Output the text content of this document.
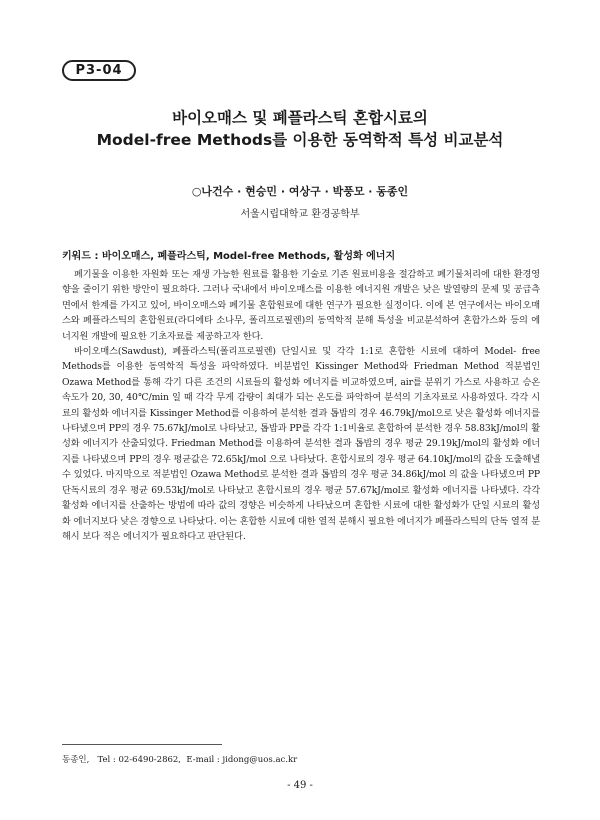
P3-04
바이오매스 및 폐플라스틱 혼합시료의
Model-free Methods를 이용한 동역학적 특성 비교분석
○나건수 · 현승민 · 여상구 · 박풍모 · 동종인
서울시립대학교 환경공학부
키워드 : 바이오매스, 폐플라스틱, Model-free Methods, 활성화 에너지

폐기물을 이용한 자원화 또는 재생 가능한 원료를 활용한 기술로 기존 원료비용을 절감하고 폐기물처리에 대한 환경영향을 줄이기 위한 방안이 필요하다. 그러나 국내에서 바이오매스를 이용한 에너지원 개발은 낮은 발열량의 문제 및 공급측면에서 한계를 가지고 있어, 바이오매스와 폐기물 혼합원료에 대한 연구가 필요한 실정이다. 이에 본 연구에서는 바이오매스와 폐플라스틱의 혼합원료(라디에타 소나무, 폴리프로필렌)의 동역학적 분해 특성을 비교분석하여 혼합가스화 등의 에너지원 개발에 필요한 기초자료를 제공하고자 한다.

바이오매스(Sawdust), 폐플라스틱(폴리프로필렌) 단일시료 및 각각 1:1로 혼합한 시료에 대하여 Model- free Methods를 이용한 동역학적 특성을 파악하였다. 비분법인 Kissinger Method와 Friedman Method 적분법인 Ozawa Method를 통해 각기 다른 조건의 시료들의 활성화 에너지를 비교하였으며, air를 분위기 가스로 사용하고 승온속도가 20, 30, 40℃/min 일 때 각각 무게 감량이 최대가 되는 온도를 파악하여 분석의 기초자료로 사용하였다. 각각 시료의 활성화 에너지를 Kissinger Method를 이용하여 분석한 결과 톱밥의 경우 46.79kJ/mol으로 낮은 활성화 에너지를 나타냈으며 PP의 경우 75.67kJ/mol로 나타났고, 톱밥과 PP를 각각 1:1비율로 혼합하여 분석한 경우 58.83kJ/mol의 활성화 에너지가 산출되었다. Friedman Method를 이용하여 분석한 결과 톱밥의 경우 평균 29.19kJ/mol의 활성화 에너지를 나타냈으며 PP의 경우 평균값은 72.65kJ/mol 으로 나타났다. 혼합시료의 경우 평균 64.10kJ/mol의 값을 도출해낼 수 있었다. 마지막으로 적분법인 Ozawa Method로 분석한 결과 톱밥의 경우 평균 34.86kJ/mol 의 값을 나타냈으며 PP 단독시료의 경우 평균 69.53kJ/mol로 나타났고 혼합시료의 경우 평균 57.67kJ/mol로 활성화 에너지를 나타냈다. 각각 활성화 에너지를 산출하는 방법에 따라 값의 경향은 비슷하게 나타났으며 혼합한 시료에 대한 활성화가 단일 시료의 활성화 에너지보다 낮은 경향으로 나타났다. 이는 혼합한 시료에 대한 열적 분해시 필요한 에너지가 폐플라스틱의 단독 열적 분해시 보다 적은 에너지가 필요하다고 판단된다.

동종인,   Tel : 02-6490-2862,  E-mail : jidong@uos.ac.kr
- 49 -
